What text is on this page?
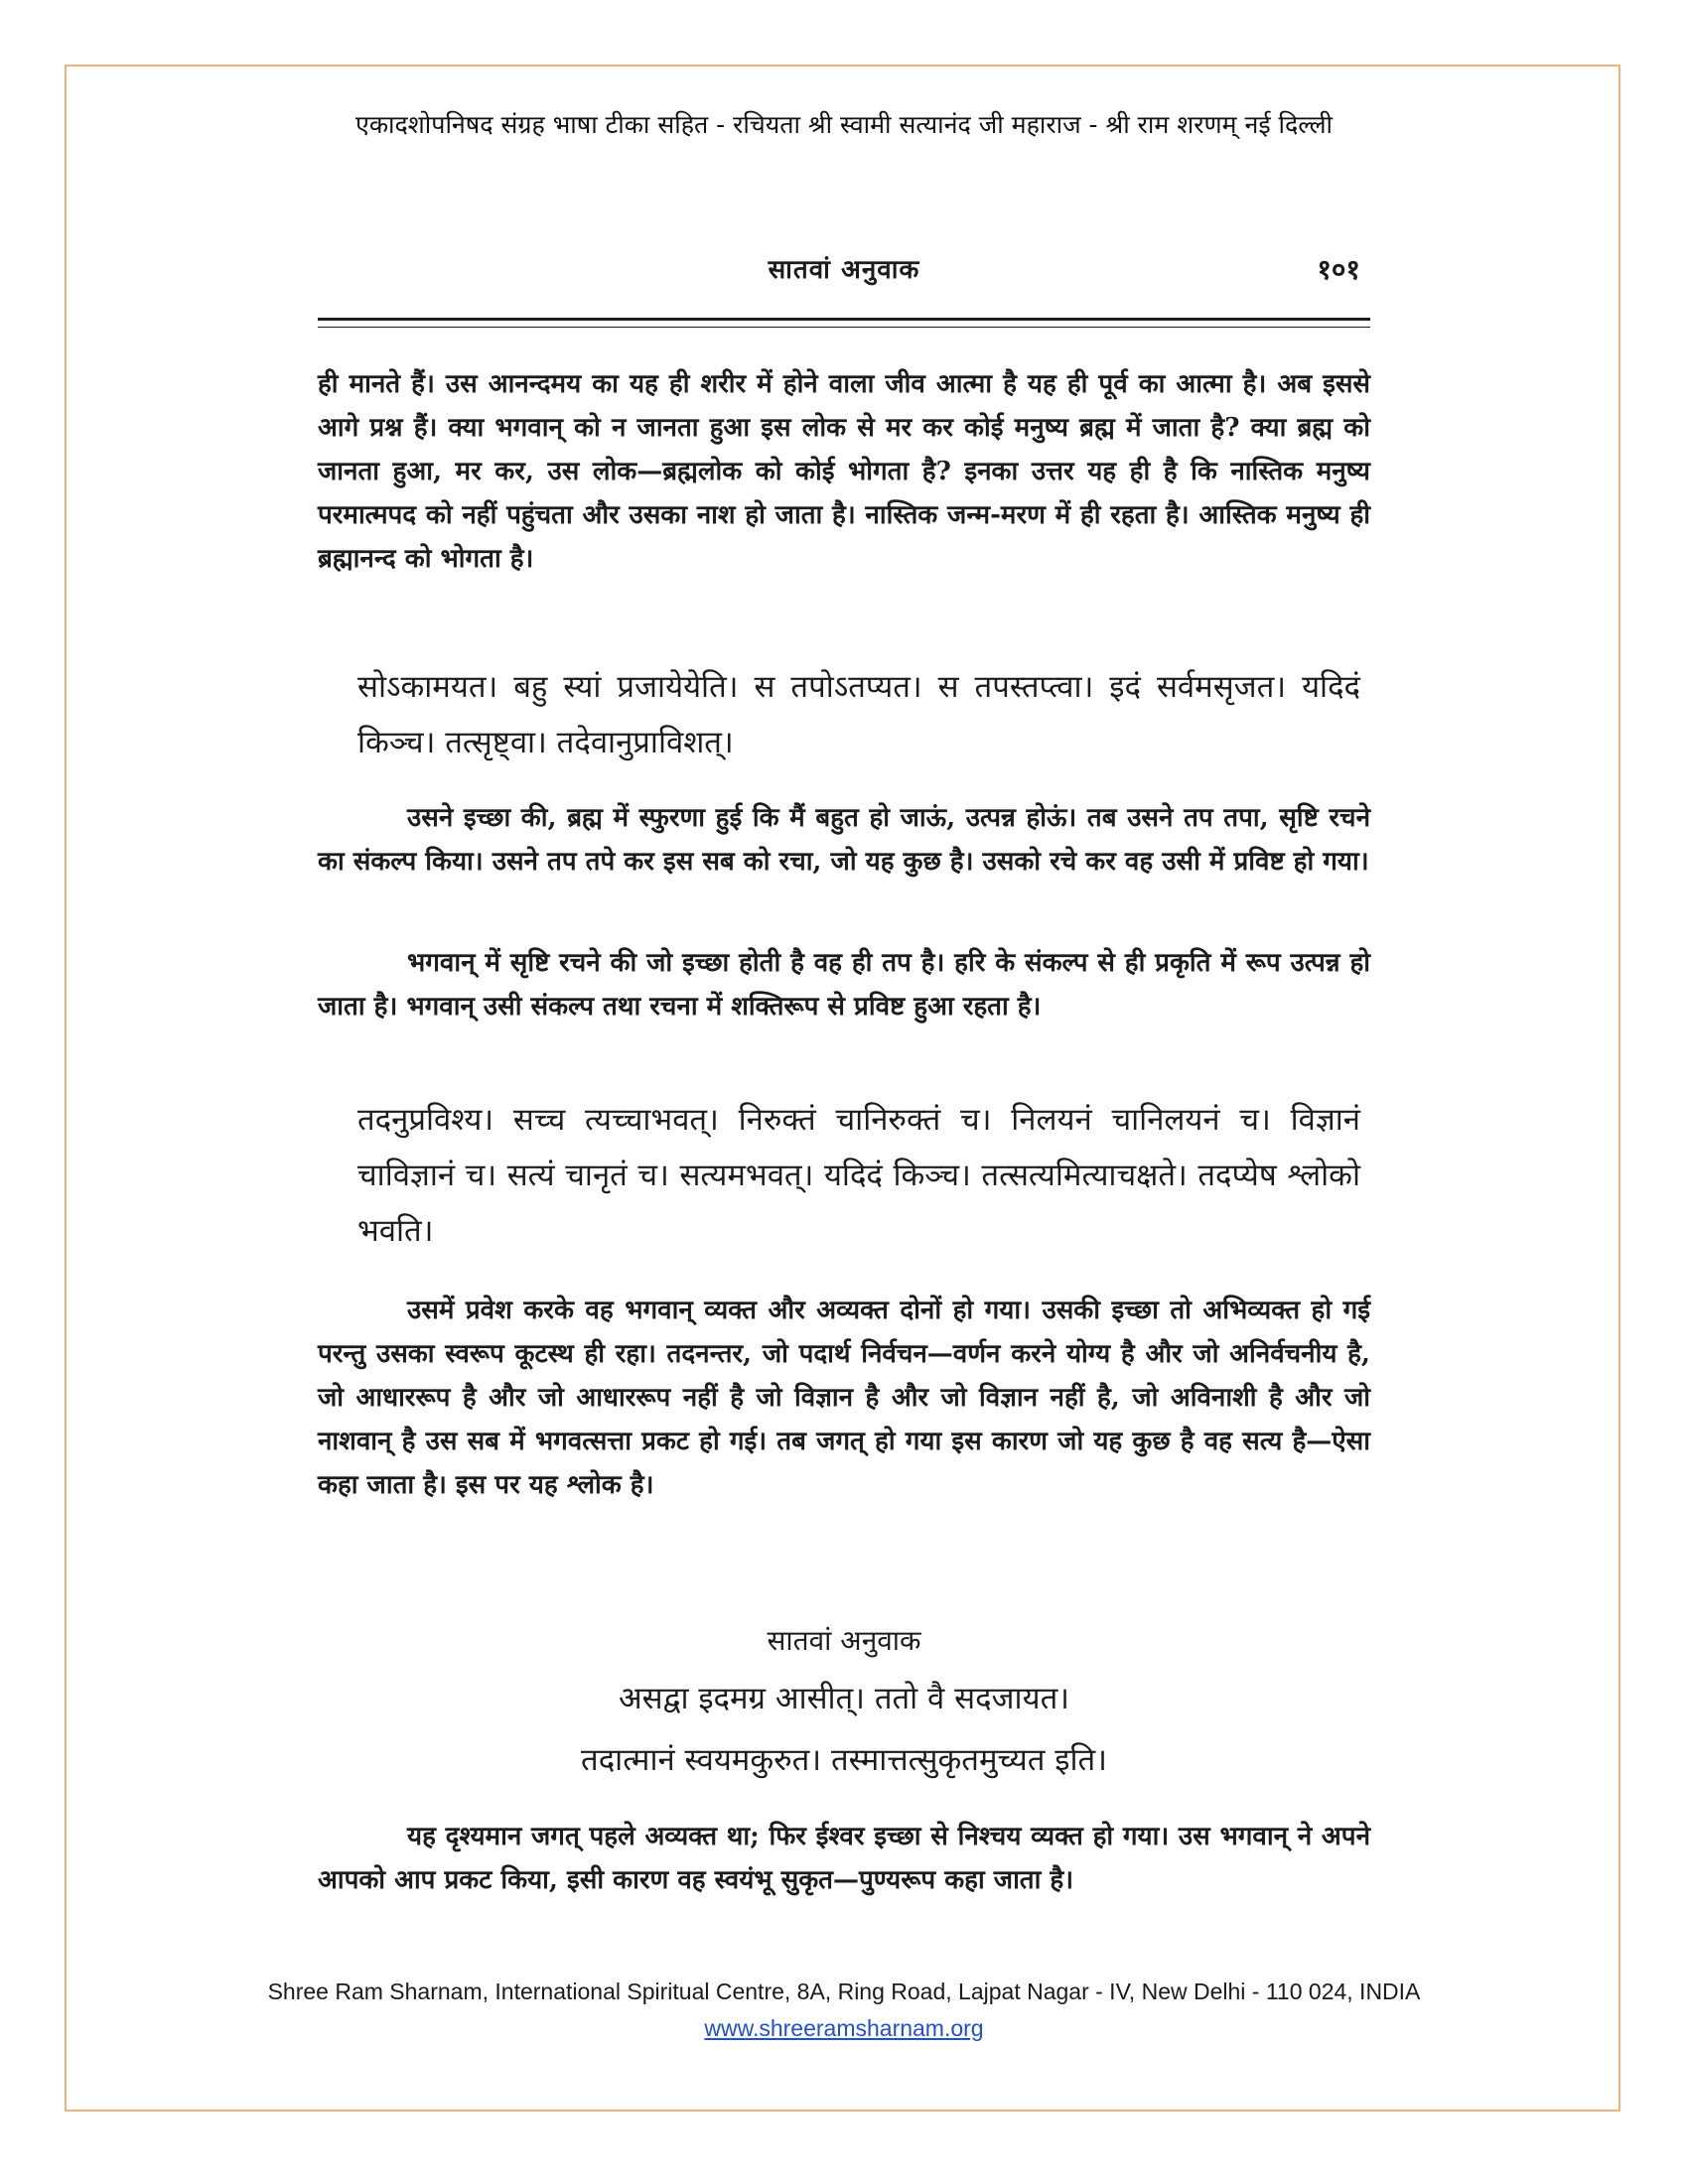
एकादशोपनिषद संग्रह भाषा टीका सहित - रचियता श्री स्वामी सत्यानंद जी महाराज - श्री राम शरणम् नई दिल्ली
सातवां अनुवाक	१०१
ही मानते हैं। उस आनन्दमय का यह ही शरीर में होने वाला जीव आत्मा है यह ही पूर्व का आत्मा है। अब इससे आगे प्रश्न हैं। क्या भगवान् को न जानता हुआ इस लोक से मर कर कोई मनुष्य ब्रह्म में जाता है? क्या ब्रह्म को जानता हुआ, मर कर, उस लोक—ब्रह्मलोक को कोई भोगता है? इनका उत्तर यह ही है कि नास्तिक मनुष्य परमात्मपद को नहीं पहुंचता और उसका नाश हो जाता है। नास्तिक जन्म-मरण में ही रहता है। आस्तिक मनुष्य ही ब्रह्मानन्द को भोगता है।
सोऽकामयत। बहु स्यां प्रजायेयेति। स तपोऽतप्यत। स तपस्तप्त्वा। इदं सर्वमसृजत। यदिदं किञ्च। तत्सृष्ट्वा। तदेवानुप्राविशत्।
उसने इच्छा की, ब्रह्म में स्फुरणा हुई कि मैं बहुत हो जाऊं, उत्पन्न होऊं। तब उसने तप तपा, सृष्टि रचने का संकल्प किया। उसने तप तपे कर इस सब को रचा, जो यह कुछ है। उसको रचे कर वह उसी में प्रविष्ट हो गया।
भगवान् में सृष्टि रचने की जो इच्छा होती है वह ही तप है। हरि के संकल्प से ही प्रकृति में रूप उत्पन्न हो जाता है। भगवान् उसी संकल्प तथा रचना में शक्तिरूप से प्रविष्ट हुआ रहता है।
तदनुप्रविश्य। सच्च त्यच्चाभवत्। निरुक्तं चानिरुक्तं च। निलयनं चानिलयनं च। विज्ञानं चाविज्ञानं च। सत्यं चानृतं च। सत्यमभवत्। यदिदं किञ्च। तत्सत्यमित्याचक्षते। तदप्येष श्लोको भवति।
उसमें प्रवेश करके वह भगवान् व्यक्त और अव्यक्त दोनों हो गया। उसकी इच्छा तो अभिव्यक्त हो गई परन्तु उसका स्वरूप कूटस्थ ही रहा। तदनन्तर, जो पदार्थ निर्वचन—वर्णन करने योग्य है और जो अनिर्वचनीय है, जो आधाररूप है और जो आधाररूप नहीं है जो विज्ञान है और जो विज्ञान नहीं है, जो अविनाशी है और जो नाशवान् है उस सब में भगवत्सत्ता प्रकट हो गई। तब जगत् हो गया इस कारण जो यह कुछ है वह सत्य है—ऐसा कहा जाता है। इस पर यह श्लोक है।
सातवां अनुवाक
असद्वा इदमग्र आसीत्। ततो वै सदजायत।
तदात्मानं स्वयमकुरुत। तस्मात्तत्सुकृतमुच्यत इति।
यह दृश्यमान जगत् पहले अव्यक्त था; फिर ईश्वर इच्छा से निश्चय व्यक्त हो गया। उस भगवान् ने अपने आपको आप प्रकट किया, इसी कारण वह स्वयंभू सुकृत—पुण्यरूप कहा जाता है।
Shree Ram Sharnam, International Spiritual Centre, 8A, Ring Road, Lajpat Nagar - IV, New Delhi - 110 024, INDIA
www.shreeramsharnam.org
